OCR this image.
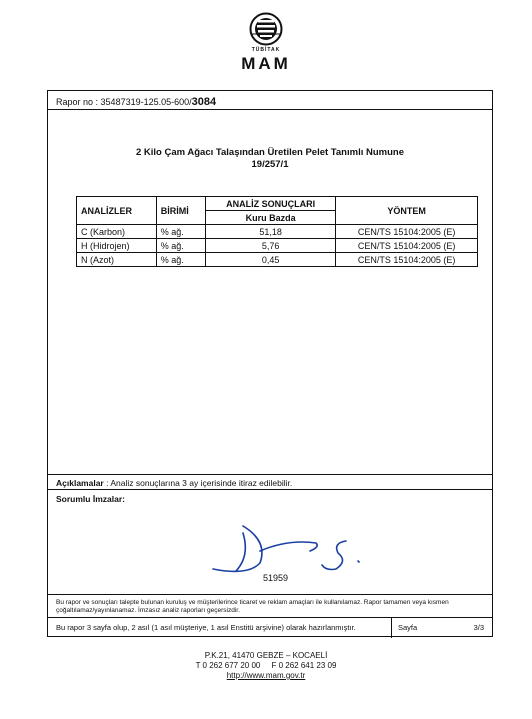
TÜBİTAK
MAM
Rapor no : 35487319-125.05-600/3084
2 Kilo Çam Ağacı Talaşından Üretilen Pelet Tanımlı Numune
19/257/1
ANALİZLER	BİRİMİ	ANALİZ SONUÇLARI	YÖNTEM
		Kuru Bazda	
C (Karbon)	% ağ.	51,18	CEN/TS 15104:2005 (E)
H (Hidrojen)	% ağ.	5,76	CEN/TS 15104:2005 (E)
N (Azot)	% ağ.	0,45	CEN/TS 15104:2005 (E)
Açıklamalar : Analiz sonuçlarına 3 ay içerisinde itiraz edilebilir.
Sorumlu İmzalar:
51959
Bu rapor ve sonuçları talepte bulunan kuruluş ve müşterilerince ticaret ve reklam amaçları ile kullanılamaz. Rapor tamamen veya kısmen çoğaltılamaz/yayınlanamaz. İmzasız analiz raporları geçersizdir.
Bu rapor 3 sayfa olup, 2 asıl (1 asıl müşteriye, 1 asıl Enstitü arşivine) olarak hazırlanmıştır.	Sayfa	3/3
P.K.21, 41470 GEBZE – KOCAELİ
T 0 262 677 20 00     F 0 262 641 23 09
http://www.mam.gov.tr
